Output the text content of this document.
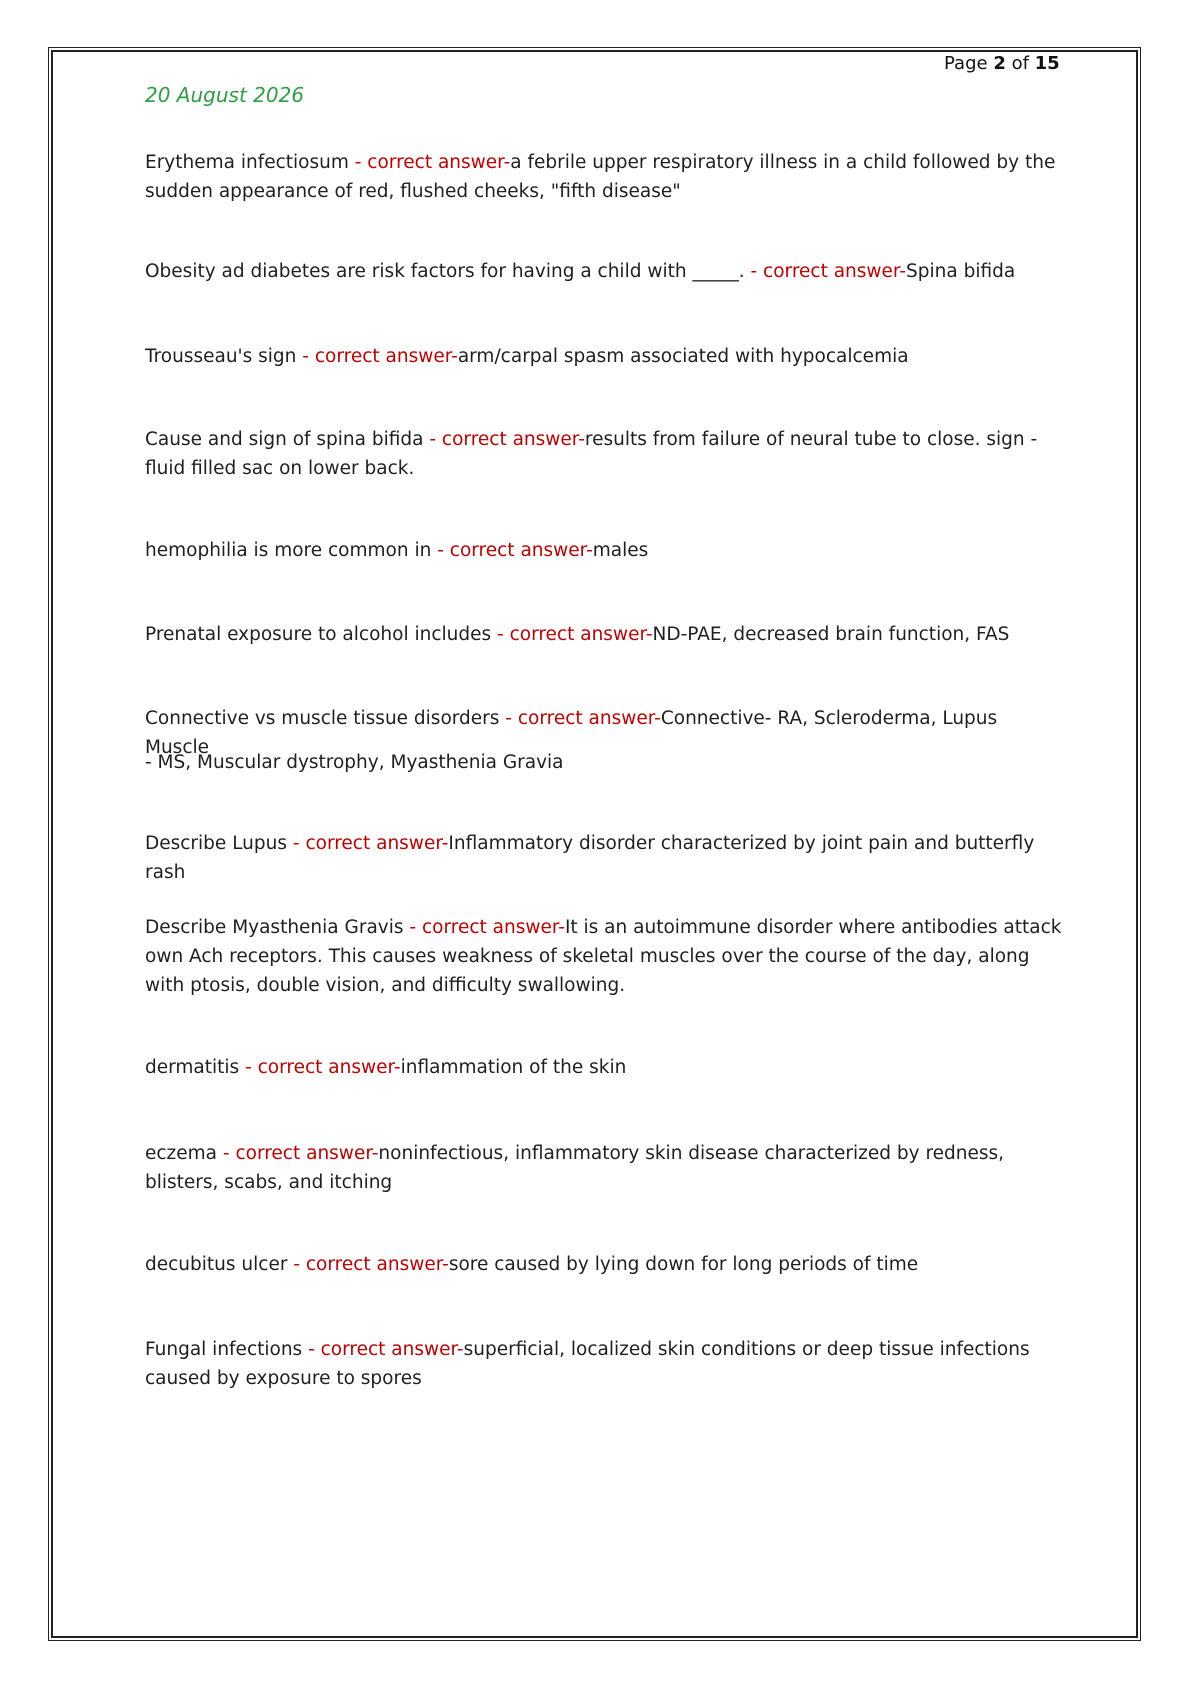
Page 2 of 15
20 August 2026
Erythema infectiosum - correct answer-a febrile upper respiratory illness in a child followed by the sudden appearance of red, flushed cheeks, "fifth disease"
Obesity ad diabetes are risk factors for having a child with _____. - correct answer-Spina bifida
Trousseau's sign - correct answer-arm/carpal spasm associated with hypocalcemia
Cause and sign of spina bifida - correct answer-results from failure of neural tube to close. sign - fluid filled sac on lower back.
hemophilia is more common in - correct answer-males
Prenatal exposure to alcohol includes - correct answer-ND-PAE, decreased brain function, FAS
Connective vs muscle tissue disorders - correct answer-Connective- RA, Scleroderma, Lupus Muscle
- MS, Muscular dystrophy, Myasthenia Gravia
Describe Lupus - correct answer-Inflammatory disorder characterized by joint pain and butterfly rash
Describe Myasthenia Gravis - correct answer-It is an autoimmune disorder where antibodies attack own Ach receptors. This causes weakness of skeletal muscles over the course of the day, along with ptosis, double vision, and difficulty swallowing.
dermatitis - correct answer-inflammation of the skin
eczema - correct answer-noninfectious, inflammatory skin disease characterized by redness, blisters, scabs, and itching
decubitus ulcer - correct answer-sore caused by lying down for long periods of time
Fungal infections - correct answer-superficial, localized skin conditions or deep tissue infections caused by exposure to spores
